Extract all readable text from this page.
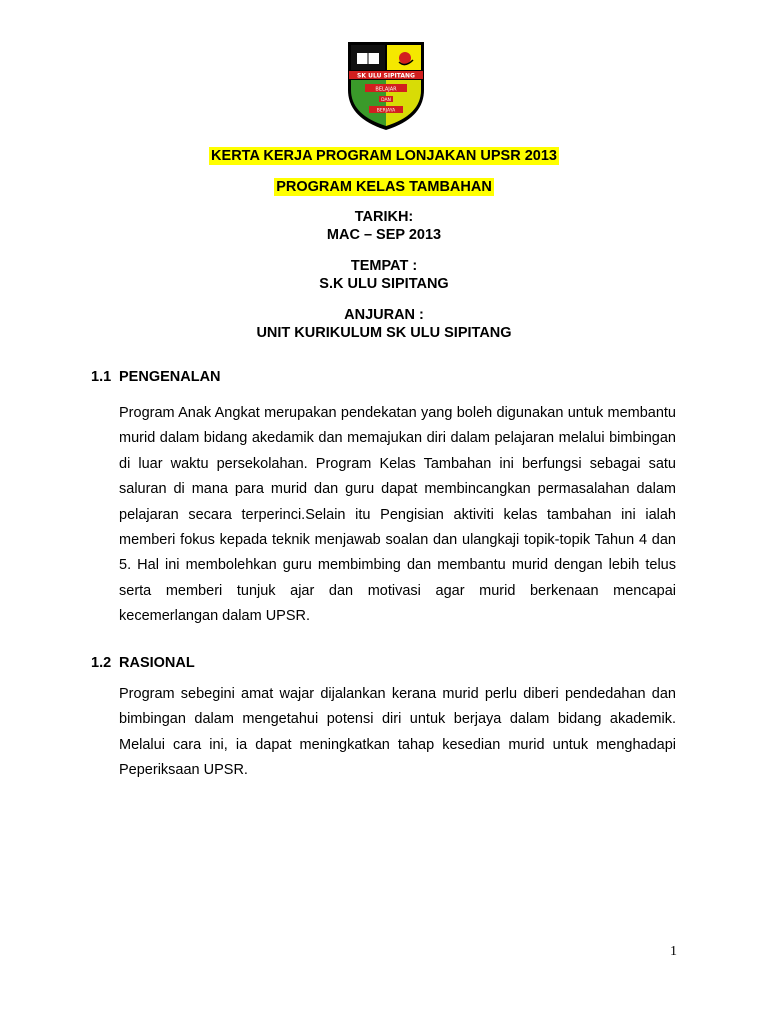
SK ULU SIPITANG
BELAJAR
DAN
BERJAYA
KERTA KERJA PROGRAM LONJAKAN UPSR 2013
PROGRAM KELAS TAMBAHAN
TARIKH:
MAC – SEP 2013
TEMPAT :
S.K ULU SIPITANG
ANJURAN :
UNIT KURIKULUM SK ULU SIPITANG
1.1 PENGENALAN
Program Anak Angkat merupakan pendekatan yang boleh digunakan untuk membantu murid dalam bidang akedamik dan memajukan diri dalam pelajaran melalui bimbingan di luar waktu persekolahan. Program Kelas Tambahan ini berfungsi sebagai satu saluran di mana para murid dan guru dapat membincangkan permasalahan dalam pelajaran secara terperinci.Selain itu Pengisian aktiviti kelas tambahan ini ialah memberi fokus kepada teknik menjawab soalan dan ulangkaji topik-topik Tahun 4 dan 5. Hal ini membolehkan guru membimbing dan membantu murid dengan lebih telus serta memberi tunjuk ajar dan motivasi agar murid berkenaan mencapai kecemerlangan dalam UPSR.
1.2 RASIONAL
Program sebegini amat wajar dijalankan kerana murid perlu diberi pendedahan dan bimbingan dalam mengetahui potensi diri untuk berjaya dalam bidang akademik. Melalui cara ini, ia dapat meningkatkan tahap kesedian murid untuk menghadapi Peperiksaan UPSR.
1
